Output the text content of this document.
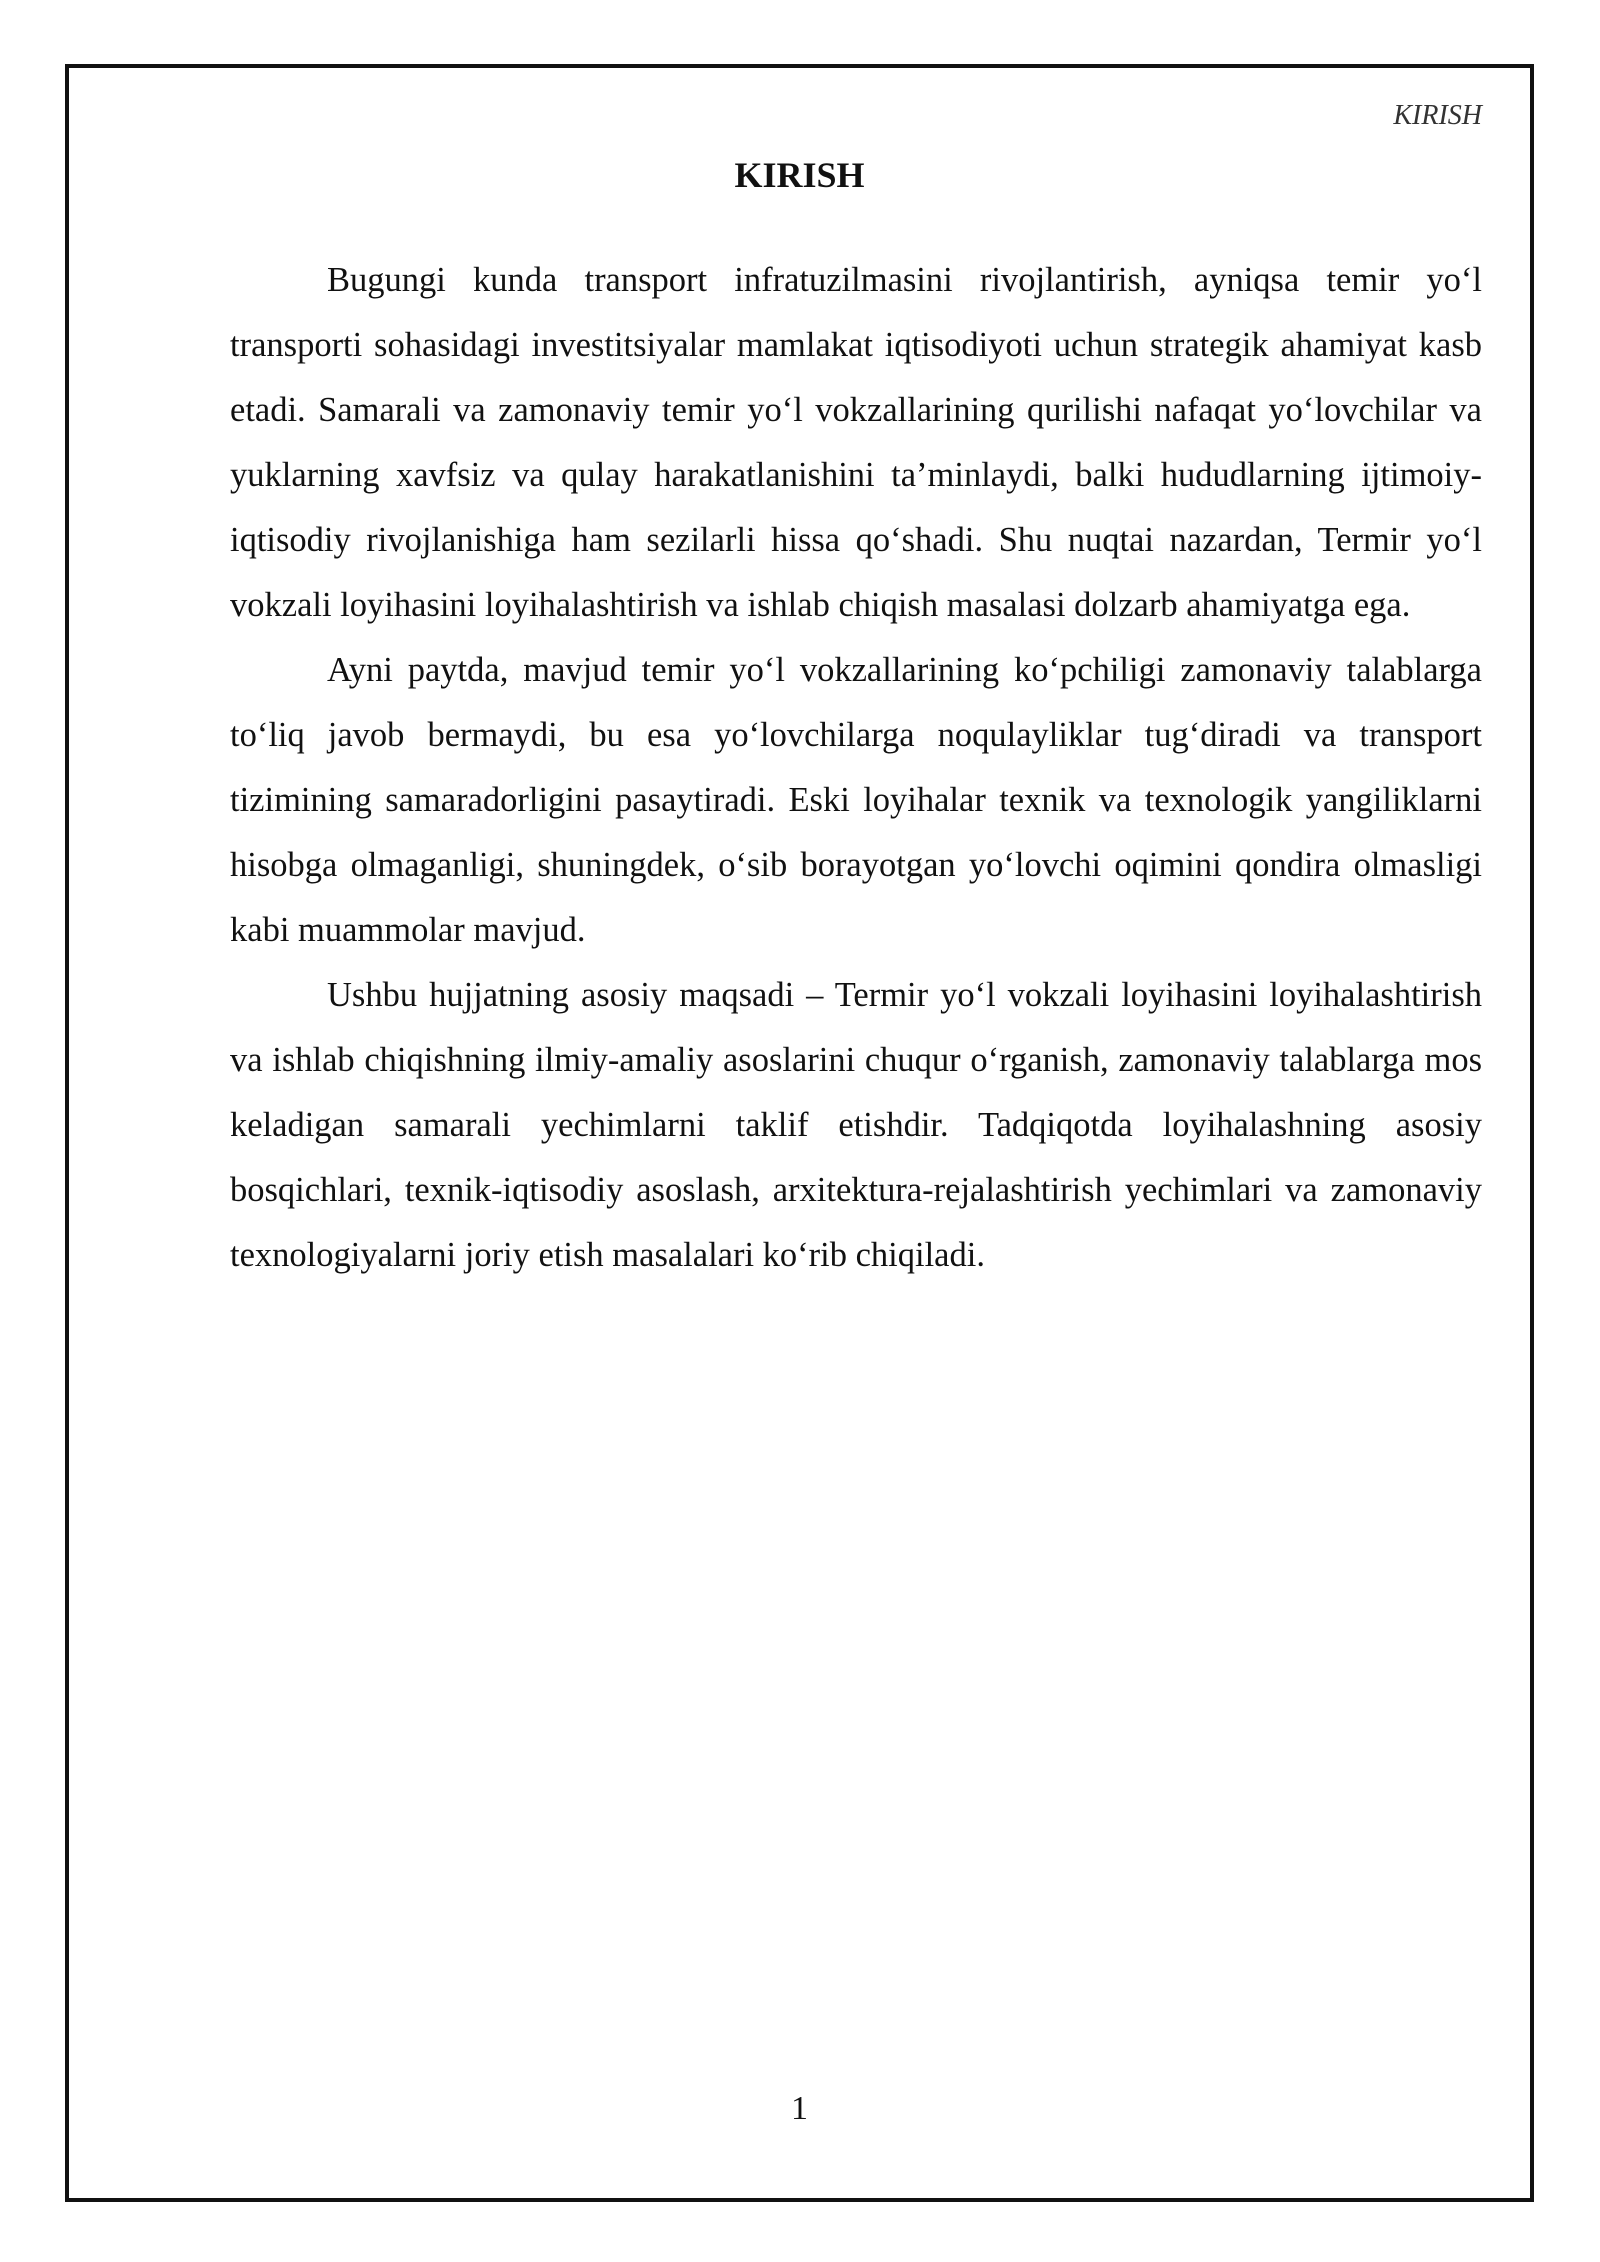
KIRISH
KIRISH

Bugungi kunda transport infratuzilmasini rivojlantirish, ayniqsa temir yo‘l transporti sohasidagi investitsiyalar mamlakat iqtisodiyoti uchun strategik ahamiyat kasb etadi. Samarali va zamonaviy temir yo‘l vokzallarining qurilishi nafaqat yo‘lovchilar va yuklarning xavfsiz va qulay harakatlanishini ta’minlaydi, balki hududlarning ijtimoiy-iqtisodiy rivojlanishiga ham sezilarli hissa qo‘shadi. Shu nuqtai nazardan, Termir yo‘l vokzali loyihasini loyihalashtirish va ishlab chiqish masalasi dolzarb ahamiyatga ega.

Ayni paytda, mavjud temir yo‘l vokzallarining ko‘pchiligi zamonaviy talablarga to‘liq javob bermaydi, bu esa yo‘lovchilarga noqulayliklar tug‘diradi va transport tizimining samaradorligini pasaytiradi. Eski loyihalar texnik va texnologik yangiliklarni hisobga olmaganligi, shuningdek, o‘sib borayotgan yo‘lovchi oqimini qondira olmasligi kabi muammolar mavjud.

Ushbu hujjatning asosiy maqsadi – Termir yo‘l vokzali loyihasini loyihalashtirish va ishlab chiqishning ilmiy-amaliy asoslarini chuqur o‘rganish, zamonaviy talablarga mos keladigan samarali yechimlarni taklif etishdir. Tadqiqotda loyihalashning asosiy bosqichlari, texnik-iqtisodiy asoslash, arxitektura-rejalashtirish yechimlari va zamonaviy texnologiyalarni joriy etish masalalari ko‘rib chiqiladi.

1
